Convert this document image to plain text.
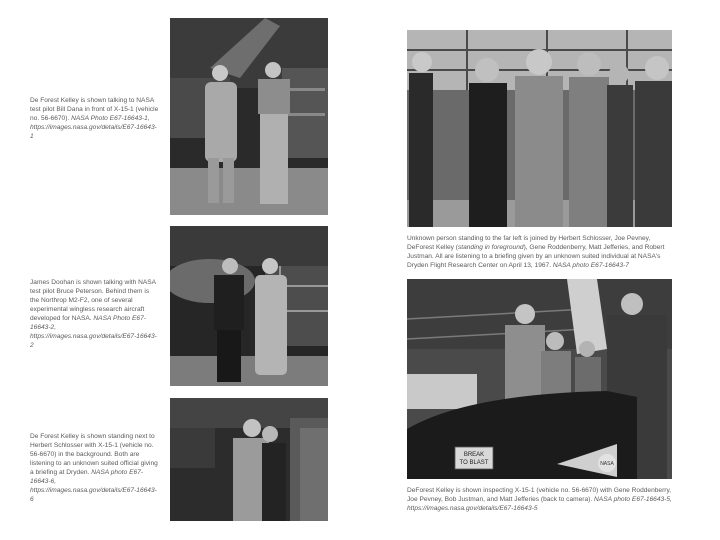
De Forest Kelley is shown talking to NASA test pilot Bill Dana in front of X-15-1 (vehicle no. 56-6670). NASA Photo E67-16643-1, https://images.nasa.gov/details/E67-16643-1

James Doohan is shown talking with NASA test pilot Bruce Peterson. Behind them is the Northrop M2-F2, one of several experimental wingless research aircraft developed for NASA. NASA Photo E67-16643-2, https://images.nasa.gov/details/E67-16643-2

De Forest Kelley is shown standing next to Herbert Schlosser with X-15-1 (vehicle no. 56-6670) in the background. Both are listening to an unknown suited official giving a briefing at Dryden. NASA photo E67-16643-6, https://images.nasa.gov/details/E67-16643-6

Unknown person standing to the far left is joined by Herbert Schlosser, Joe Pevney, DeForest Kelley (standing in foreground), Gene Roddenberry, Matt Jefferies, and Robert Justman. All are listening to a briefing given by an unknown suited individual at NASA's Dryden Flight Research Center on April 13, 1967. NASA photo E67-16643-7

BREAK
TO BLAST	NASA

DeForest Kelley is shown inspecting X-15-1 (vehicle no. 56-6670) with Gene Roddenberry, Joe Pevney, Bob Justman, and Matt Jefferies (back to camera). NASA photo E67-16643-5, https://images.nasa.gov/details/E67-16643-5
